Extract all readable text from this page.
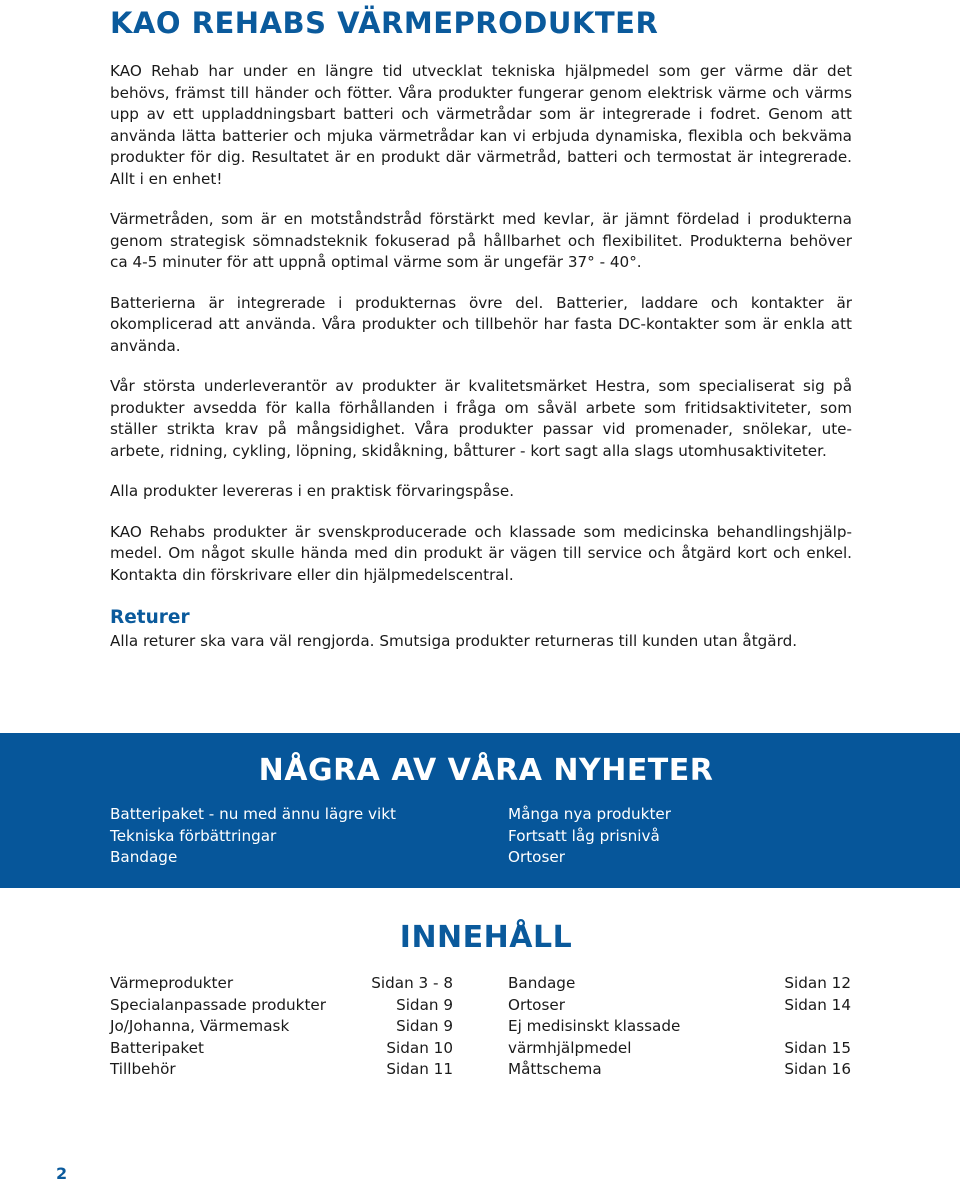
KAO REHABS VÄRMEPRODUKTER

KAO Rehab har under en längre tid utvecklat tekniska hjälpmedel som ger värme där det behövs, främst till händer och fötter. Våra produkter fungerar genom elektrisk värme och värms upp av ett uppladdningsbart batteri och värmetrådar som är integrerade i fodret. Genom att använda lätta batterier och mjuka värmetrådar kan vi erbjuda dynamiska, flexibla och bekväma produkter för dig. Resultatet är en produkt där värmetråd, batteri och termostat är integrerade. Allt i en enhet!

Värmetråden, som är en motståndstråd förstärkt med kevlar, är jämnt fördelad i produkterna genom strategisk sömnadsteknik fokuserad på hållbarhet och flexibilitet. Produkterna behöver ca 4-5 minuter för att uppnå optimal värme som är ungefär 37° - 40°.

Batterierna är integrerade i produkternas övre del. Batterier, laddare och kontakter är okomplicerad att använda. Våra produkter och tillbehör har fasta DC-kontakter som är enkla att använda.

Vår största underleverantör av produkter är kvalitetsmärket Hestra, som specialiserat sig på produkter avsedda för kalla förhållanden i fråga om såväl arbete som fritidsaktiviteter, som ställer strikta krav på mångsidighet. Våra produkter passar vid promenader, snölekar, ute-arbete, ridning, cykling, löpning, skidåkning, båtturer - kort sagt alla slags utomhusaktiviteter.

Alla produkter levereras i en praktisk förvaringspåse.

KAO Rehabs produkter är svenskproducerade och klassade som medicinska behandlingshjälp-medel. Om något skulle hända med din produkt är vägen till service och åtgärd kort och enkel. Kontakta din förskrivare eller din hjälpmedelscentral.

Returer

Alla returer ska vara väl rengjorda. Smutsiga produkter returneras till kunden utan åtgärd.

NÅGRA AV VÅRA NYHETER
Batteripaket - nu med ännu lägre vikt
Tekniska förbättringar
Bandage
Många nya produkter
Fortsatt låg prisnivå
Ortoser
INNEHÅLL
Värmeprodukter	Sidan 3 - 8
Specialanpassade produkter	Sidan 9
Jo/Johanna, Värmemask	Sidan 9
Batteripaket	Sidan 10
Tillbehör	Sidan 11
Bandage	Sidan 12
Ortoser	Sidan 14
Ej medisinskt klassade
värmhjälpmedel	Sidan 15
Måttschema	Sidan 16
2
